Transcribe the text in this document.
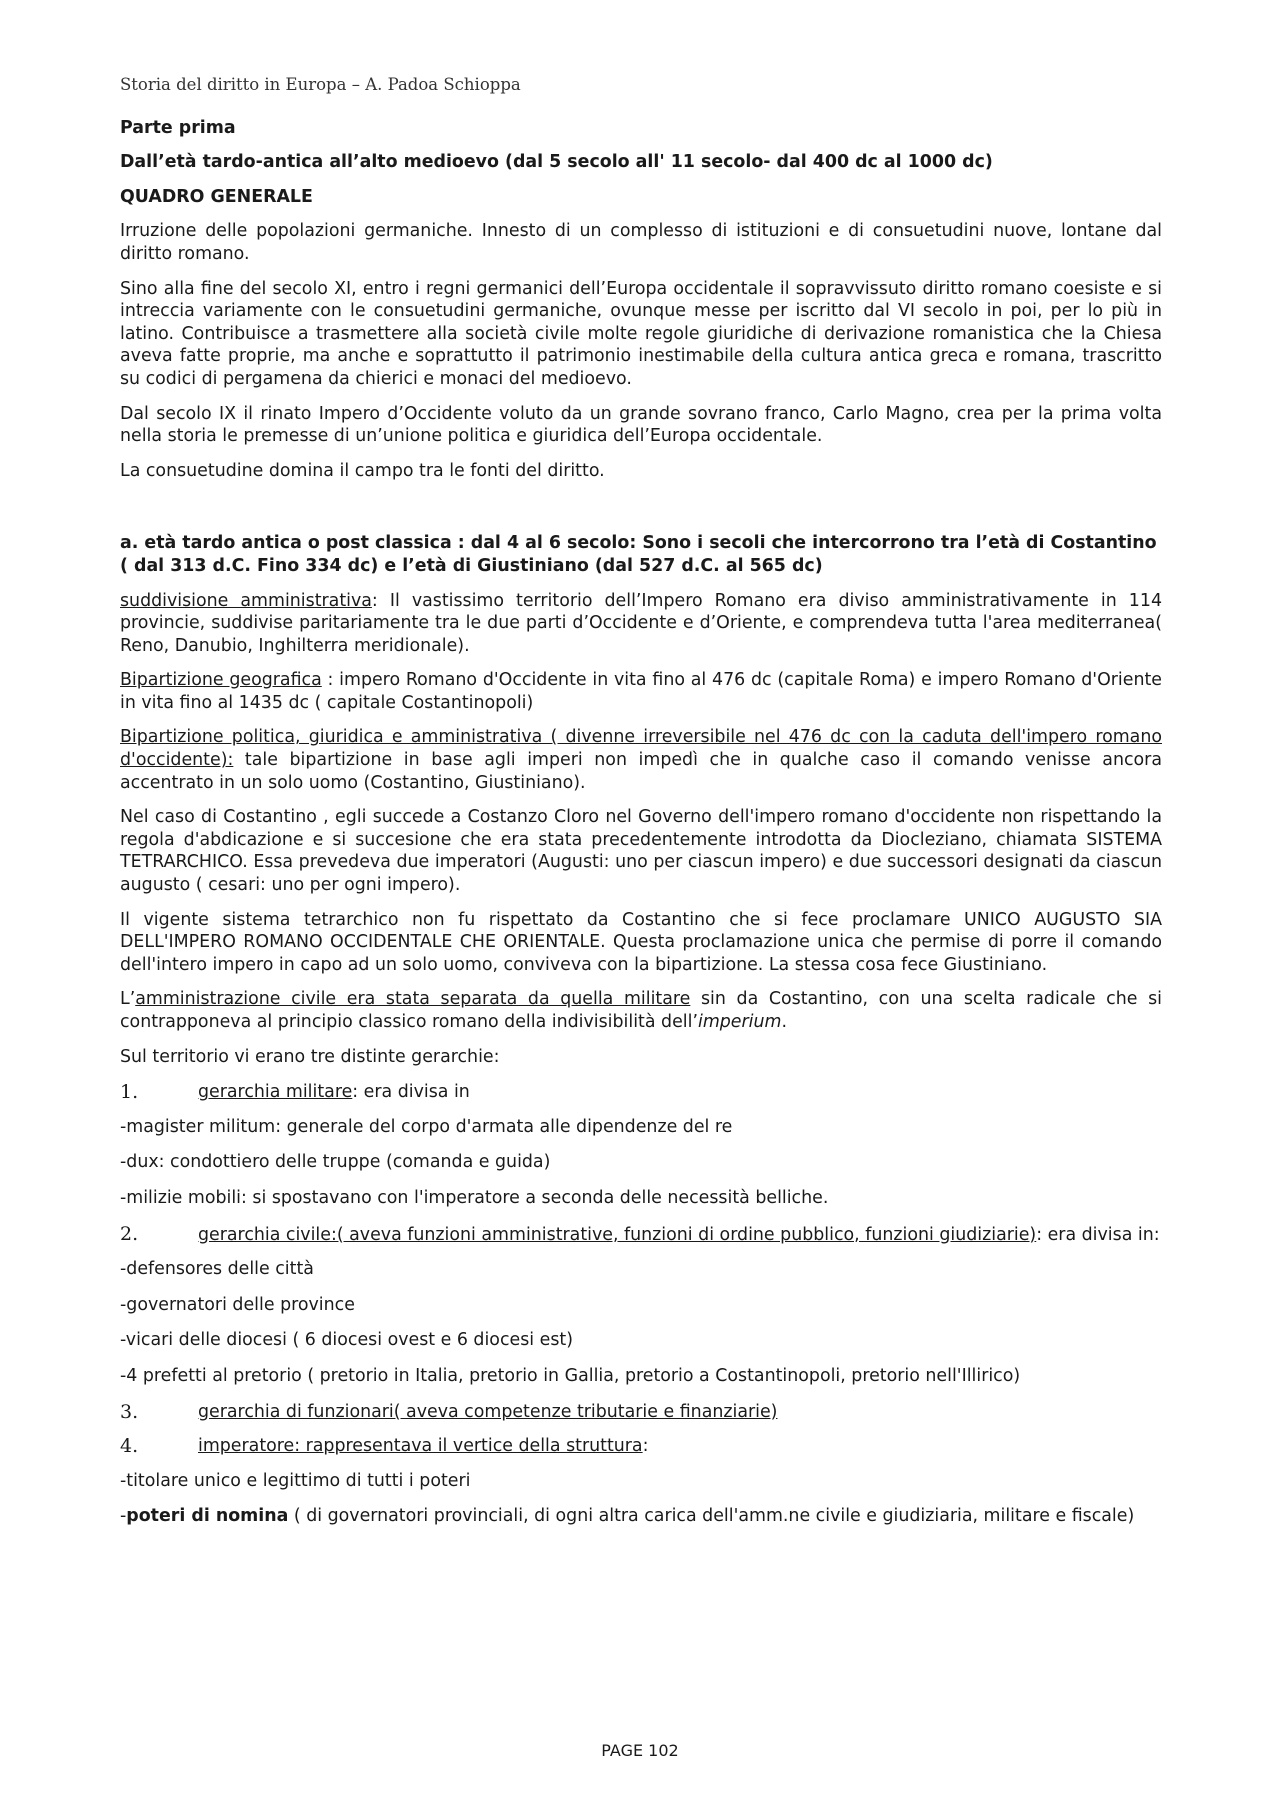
Storia del diritto in Europa – A. Padoa Schioppa
Parte prima
Dall’età tardo-antica all’alto medioevo (dal 5 secolo all' 11 secolo- dal 400 dc al 1000 dc)
QUADRO GENERALE

Irruzione delle popolazioni germaniche. Innesto di un complesso di istituzioni e di consuetudini nuove, lontane dal diritto romano.

Sino alla fine del secolo XI, entro i regni germanici dell’Europa occidentale il sopravvissuto diritto romano coesiste e si intreccia variamente con le consuetudini germaniche, ovunque messe per iscritto dal VI secolo in poi, per lo più in latino. Contribuisce a trasmettere alla società civile molte regole giuridiche di derivazione romanistica che la Chiesa aveva fatte proprie, ma anche e soprattutto il patrimonio inestimabile della cultura antica greca e romana, trascritto su codici di pergamena da chierici e monaci del medioevo.

Dal secolo IX il rinato Impero d’Occidente voluto da un grande sovrano franco, Carlo Magno, crea per la prima volta nella storia le premesse di un’unione politica e giuridica dell’Europa occidentale.

La consuetudine domina il campo tra le fonti del diritto.

a. età tardo antica o post classica : dal 4 al 6 secolo: Sono i secoli che intercorrono tra l’età di Costantino ( dal 313 d.C. Fino 334 dc) e l’età di Giustiniano (dal 527 d.C. al 565 dc)

suddivisione amministrativa: Il vastissimo territorio dell’Impero Romano era diviso amministrativamente in 114 provincie, suddivise paritariamente tra le due parti d’Occidente e d’Oriente, e comprendeva tutta l'area mediterranea( Reno, Danubio, Inghilterra meridionale).

Bipartizione geografica : impero Romano d'Occidente in vita fino al 476 dc (capitale Roma) e impero Romano d'Oriente in vita fino al 1435 dc ( capitale Costantinopoli)

Bipartizione politica, giuridica e amministrativa ( divenne irreversibile nel 476 dc con la caduta dell'impero romano d'occidente): tale bipartizione in base agli imperi non impedì che in qualche caso il comando venisse ancora accentrato in un solo uomo (Costantino, Giustiniano).

Nel caso di Costantino , egli succede a Costanzo Cloro nel Governo dell'impero romano d'occidente non rispettando la regola d'abdicazione e si succesione che era stata precedentemente introdotta da Diocleziano, chiamata SISTEMA TETRARCHICO. Essa prevedeva due imperatori (Augusti: uno per ciascun impero) e due successori designati da ciascun augusto ( cesari: uno per ogni impero).

Il vigente sistema tetrarchico non fu rispettato da Costantino che si fece proclamare UNICO AUGUSTO SIA DELL'IMPERO ROMANO OCCIDENTALE CHE ORIENTALE. Questa proclamazione unica che permise di porre il comando dell'intero impero in capo ad un solo uomo, conviveva con la bipartizione. La stessa cosa fece Giustiniano.

L’amministrazione civile era stata separata da quella militare sin da Costantino, con una scelta radicale che si contrapponeva al principio classico romano della indivisibilità dell’imperium.

Sul territorio vi erano tre distinte gerarchie:

1.	gerarchia militare: era divisa in

-magister militum: generale del corpo d'armata alle dipendenze del re

-dux: condottiero delle truppe (comanda e guida)

-milizie mobili: si spostavano con l'imperatore a seconda delle necessità belliche.

2.	gerarchia civile:( aveva funzioni amministrative, funzioni di ordine pubblico, funzioni giudiziarie): era divisa in:

-defensores delle città

-governatori delle province

-vicari delle diocesi ( 6 diocesi ovest e 6 diocesi est)

-4 prefetti al pretorio ( pretorio in Italia, pretorio in Gallia, pretorio a Costantinopoli, pretorio nell'Illirico)

3.	gerarchia di funzionari( aveva competenze tributarie e finanziarie)
4.	imperatore: rappresentava il vertice della struttura:

-titolare unico e legittimo di tutti i poteri

-poteri di nomina ( di governatori provinciali, di ogni altra carica dell'amm.ne civile e giudiziaria, militare e fiscale)

PAGE 102
